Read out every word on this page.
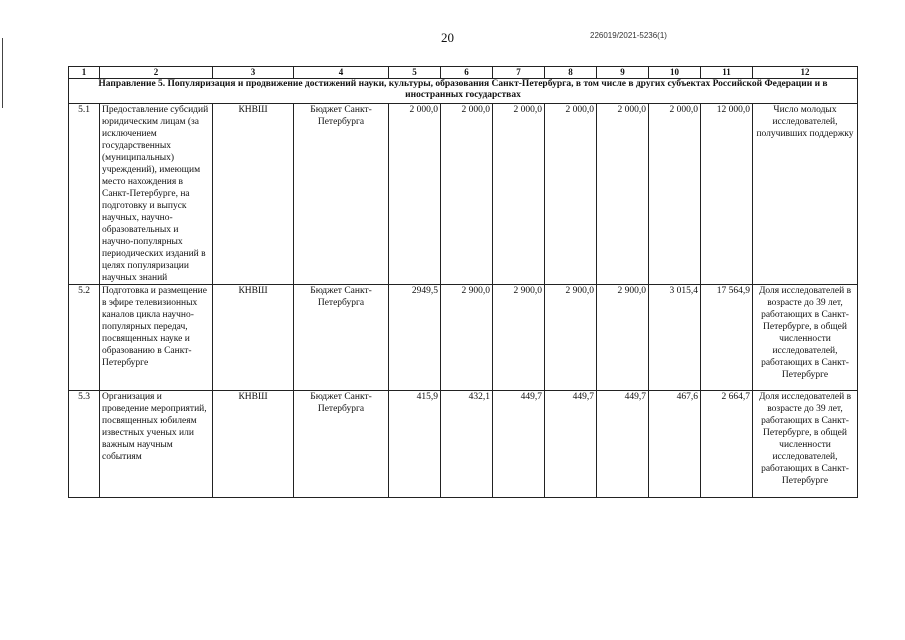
20	226019/2021-5236(1)
1	2	3	4	5	6	7	8	9	10	11	12
Направление 5. Популяризация и продвижение достижений науки, культуры, образования Санкт-Петербурга, в том числе в других субъектах Российской Федерации и в иностранных государствах											
5.1	Предоставление субсидий юридическим лицам (за исключением государственных (муниципальных) учреждений), имеющим место нахождения в Санкт-Петербурге, на подготовку и выпуск научных, научно-образовательных и научно-популярных периодических изданий в целях популяризации научных знаний	КНВШ	Бюджет Санкт-Петербурга	2 000,0	2 000,0	2 000,0	2 000,0	2 000,0	2 000,0	12 000,0	Число молодых исследователей, получивших поддержку
5.2	Подготовка и размещение в эфире телевизионных каналов цикла научно-популярных передач, посвященных науке и образованию в Санкт-Петербурге	КНВШ	Бюджет Санкт-Петербурга	2949,5	2 900,0	2 900,0	2 900,0	2 900,0	3 015,4	17 564,9	Доля исследователей в возрасте до 39 лет, работающих в Санкт-Петербурге, в общей численности исследователей, работающих в Санкт-Петербурге
5.3	Организация и проведение мероприятий, посвященных юбилеям известных ученых или важным научным событиям	КНВШ	Бюджет Санкт-Петербурга	415,9	432,1	449,7	449,7	449,7	467,6	2 664,7	Доля исследователей в возрасте до 39 лет, работающих в Санкт-Петербурге, в общей численности исследователей, работающих в Санкт-Петербурге
